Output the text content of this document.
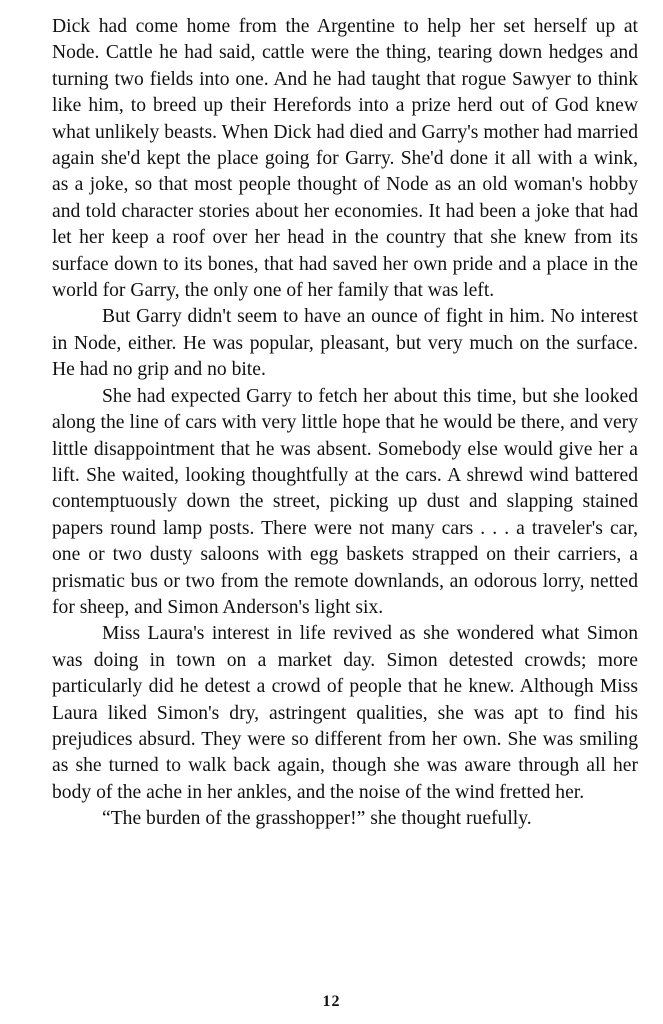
Dick had come home from the Argentine to help her set herself up at Node. Cattle he had said, cattle were the thing, tearing down hedges and turning two fields into one. And he had taught that rogue Sawyer to think like him, to breed up their Herefords into a prize herd out of God knew what unlikely beasts. When Dick had died and Garry's mother had married again she'd kept the place going for Garry. She'd done it all with a wink, as a joke, so that most people thought of Node as an old woman's hobby and told character stories about her economies. It had been a joke that had let her keep a roof over her head in the country that she knew from its surface down to its bones, that had saved her own pride and a place in the world for Garry, the only one of her family that was left.

But Garry didn't seem to have an ounce of fight in him. No interest in Node, either. He was popular, pleasant, but very much on the surface. He had no grip and no bite.

She had expected Garry to fetch her about this time, but she looked along the line of cars with very little hope that he would be there, and very little disappointment that he was absent. Somebody else would give her a lift. She waited, looking thoughtfully at the cars. A shrewd wind battered contemptuously down the street, picking up dust and slapping stained papers round lamp posts. There were not many cars . . . a traveler's car, one or two dusty saloons with egg baskets strapped on their carriers, a prismatic bus or two from the remote downlands, an odorous lorry, netted for sheep, and Simon Anderson's light six.

Miss Laura's interest in life revived as she wondered what Simon was doing in town on a market day. Simon detested crowds; more particularly did he detest a crowd of people that he knew. Although Miss Laura liked Simon's dry, astringent qualities, she was apt to find his prejudices absurd. They were so different from her own. She was smiling as she turned to walk back again, though she was aware through all her body of the ache in her ankles, and the noise of the wind fretted her.

“The burden of the grasshopper!” she thought ruefully.

12
